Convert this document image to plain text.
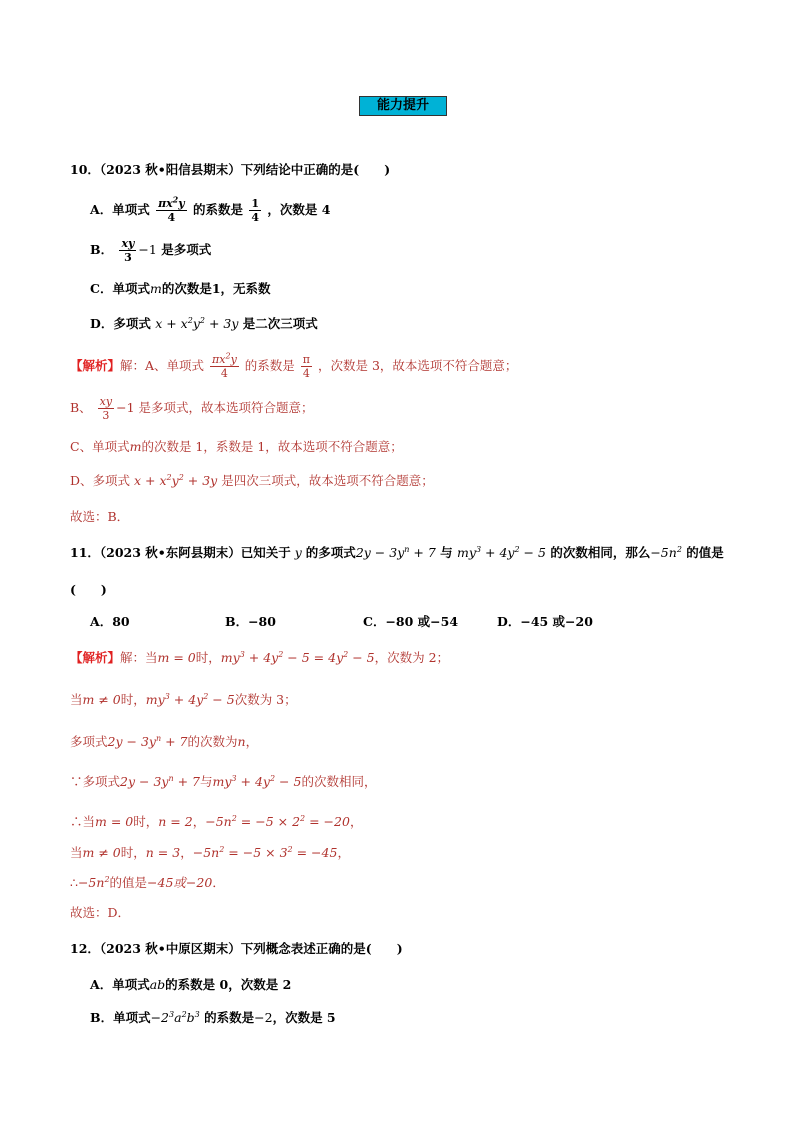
能力提升
10．（2023 秋•阳信县期末）下列结论中正确的是(　　)
A．单项式 $\frac{\pi x^2y}{4}$ 的系数是 $\frac{1}{4}$ ，次数是 4
B． $\frac{xy}{3} -1$ 是多项式
C．单项式m的次数是1，无系数
D．多项式 $x + x^2y^2 + 3y$ 是二次三项式
【解析】解：A、单项式 $\frac{\pi x^2y}{4}$ 的系数是 $\frac{\pi}{4}$ ，次数是 3，故本选项不符合题意；
B、 $\frac{xy}{3} -1$ 是多项式，故本选项符合题意；
C、单项式m的次数是 1，系数是 1，故本选项不符合题意；
D、多项式 $x + x^2y^2 + 3y$ 是四次三项式，故本选项不符合题意；
故选：B．
11．（2023 秋•东阿县期末）已知关于 y 的多项式$2y - 3y^n + 7$ 与 $my^3 + 4y^2 - 5$ 的次数相同，那么$-5n^2$ 的值是
(　　)
A．80	B．−80	C．−80 或−54	D．−45 或−20
【解析】解：当m = 0时，$my^3 + 4y^2 - 5 = 4y^2 - 5$，次数为 2；
当m ≠ 0时，$my^3 + 4y^2 - 5$次数为 3；
多项式$2y - 3y^n + 7$的次数为n，
∵多项式$2y - 3y^n + 7$与$my^3 + 4y^2 - 5$的次数相同，
∴当m = 0时，n = 2，$-5n^2 = -5 \times 2^2 = -20$，
当m ≠ 0时，n = 3，$-5n^2 = -5 \times 3^2 = -45$，
$\therefore-5n^2$的值是−45或−20．
故选：D．
12．（2023 秋•中原区期末）下列概念表述正确的是(　　)
A．单项式ab的系数是 0，次数是 2
B．单项式$-2^3a^2b^3$ 的系数是−2，次数是 5
